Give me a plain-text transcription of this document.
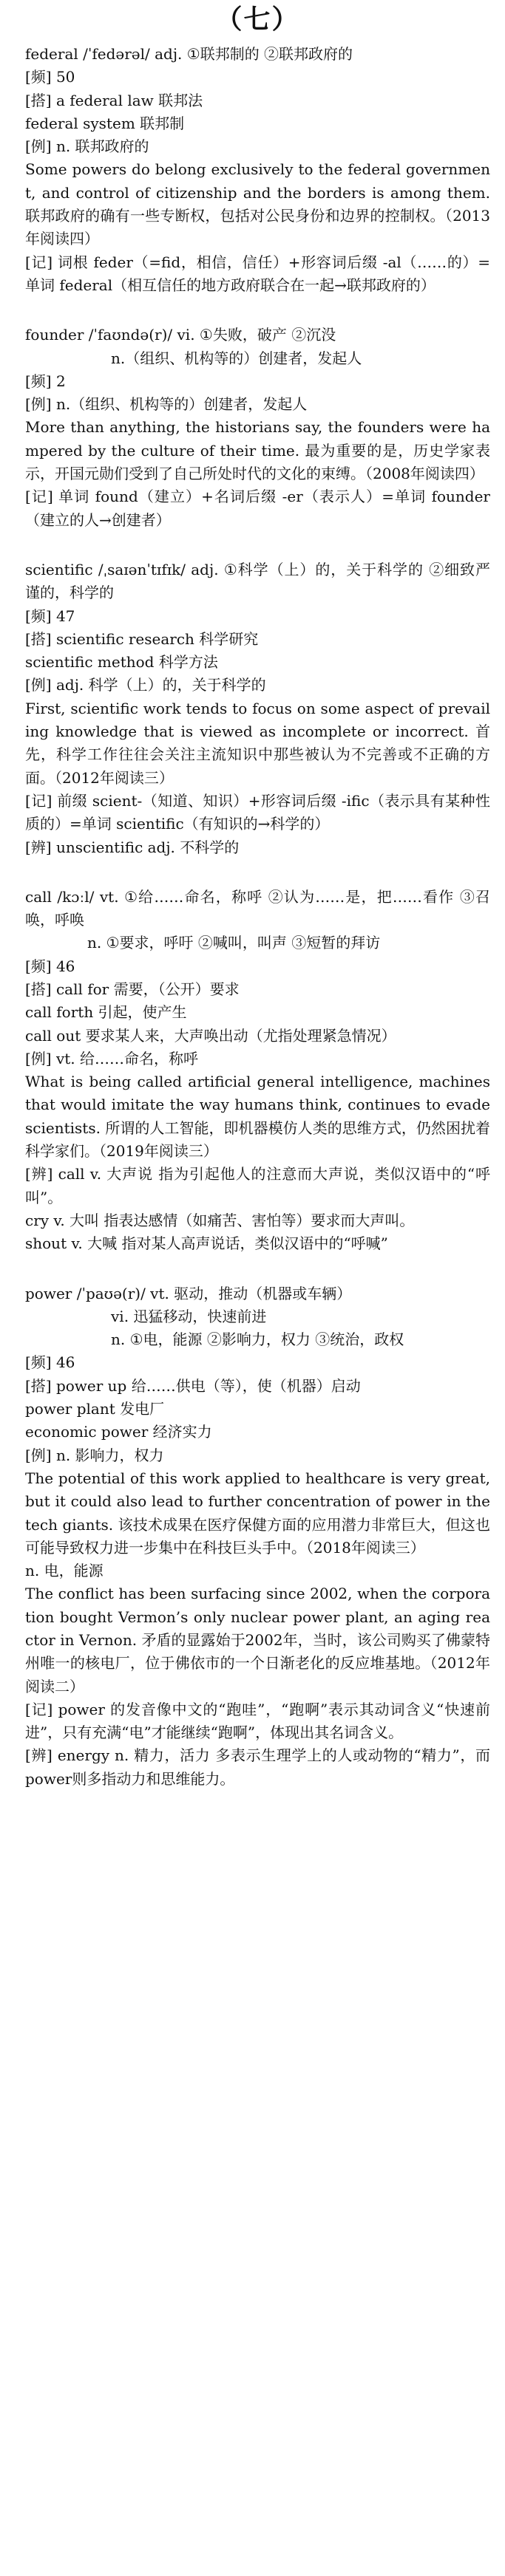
（七）
federal /ˈfedərəl/ adj. ①联邦制的 ②联邦政府的
[频] 50
[搭] a federal law 联邦法
federal system 联邦制
[例] n. 联邦政府的
Some powers do belong exclusively to the federal government, and control of citizenship and the borders is among them. 联邦政府的确有一些专断权，包括对公民身份和边界的控制权。（2013年阅读四）
[记] 词根 feder（=fid，相信，信任）+形容词后缀 -al（……的）=单词 federal（相互信任的地方政府联合在一起→联邦政府的）
founder /ˈfaʊndə(r)/ vi. ①失败，破产 ②沉没
n.（组织、机构等的）创建者，发起人
[频] 2
[例] n.（组织、机构等的）创建者，发起人
More than anything, the historians say, the founders were hampered by the culture of their time. 最为重要的是，历史学家表示，开国元勋们受到了自己所处时代的文化的束缚。（2008年阅读四）
[记] 单词 found（建立）+名词后缀 -er（表示人）=单词 founder（建立的人→创建者）
scientific /ˌsaɪənˈtɪfɪk/ adj. ①科学（上）的，关于科学的 ②细致严谨的，科学的
[频] 47
[搭] scientific research 科学研究
scientific method 科学方法
[例] adj. 科学（上）的，关于科学的
First, scientific work tends to focus on some aspect of prevailing knowledge that is viewed as incomplete or incorrect. 首先，科学工作往往会关注主流知识中那些被认为不完善或不正确的方面。（2012年阅读三）
[记] 前缀 scient-（知道、知识）+形容词后缀 -ific（表示具有某种性质的）=单词 scientific（有知识的→科学的）
[辨] unscientific adj. 不科学的
call /kɔːl/ vt. ①给……命名，称呼 ②认为……是，把……看作 ③召唤，呼唤
n. ①要求，呼吁 ②喊叫，叫声 ③短暂的拜访
[频] 46
[搭] call for 需要，（公开）要求
call forth 引起，使产生
call out 要求某人来，大声唤出动（尤指处理紧急情况）
[例] vt. 给……命名，称呼
What is being called artificial general intelligence, machines that would imitate the way humans think, continues to evade scientists. 所谓的人工智能，即机器模仿人类的思维方式，仍然困扰着科学家们。（2019年阅读三）
[辨] call v. 大声说 指为引起他人的注意而大声说，类似汉语中的“呼叫”。
cry v. 大叫 指表达感情（如痛苦、害怕等）要求而大声叫。
shout v. 大喊 指对某人高声说话，类似汉语中的“呼喊”
power /ˈpaʊə(r)/ vt. 驱动，推动（机器或车辆）
vi. 迅猛移动，快速前进
n. ①电，能源 ②影响力，权力 ③统治，政权
[频] 46
[搭] power up 给……供电（等），使（机器）启动
power plant 发电厂
economic power 经济实力
[例] n. 影响力，权力
The potential of this work applied to healthcare is very great, but it could also lead to further concentration of power in the tech giants. 该技术成果在医疗保健方面的应用潜力非常巨大，但这也可能导致权力进一步集中在科技巨头手中。（2018年阅读三）
n. 电，能源
The conflict has been surfacing since 2002, when the corporation bought Vermon’s only nuclear power plant, an aging reactor in Vernon. 矛盾的显露始于2002年，当时，该公司购买了佛蒙特州唯一的核电厂，位于佛依市的一个日渐老化的反应堆基地。（2012年阅读二）
[记] power 的发音像中文的“跑哇”，“跑啊”表示其动词含义“快速前进”，只有充满“电”才能继续“跑啊”，体现出其名词含义。
[辨] energy n. 精力，活力 多表示生理学上的人或动物的“精力”，而 power则多指动力和思维能力。
